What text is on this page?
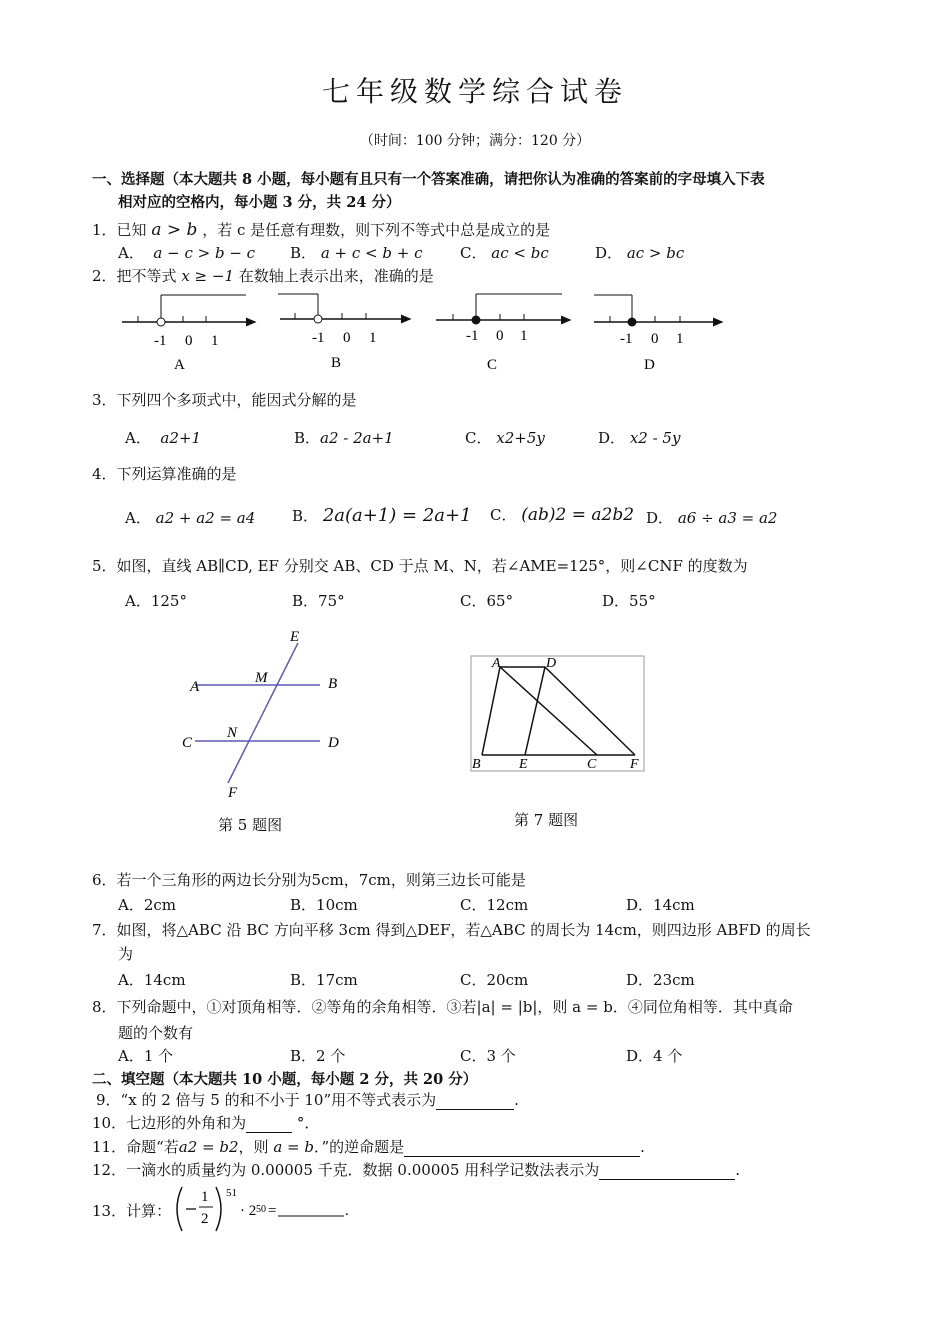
七年级数学综合试卷
（时间：100 分钟；满分：120 分）
一、选择题（本大题共 8 小题，每小题有且只有一个答案准确，请把你认为准确的答案前的字母填入下表
相对应的空格内，每小题 3 分，共 24 分）
1．已知 a > b ，若 c 是任意有理数，则下列不等式中总是成立的是
A． a − c > b − c B． a + c < b + c	C． ac < bc	D． ac > bc
2．把不等式 x ≥ −1 在数轴上表示出来，准确的是
-1 0 1
A
-1 0 1
B
-1 0 1
C
-1 0 1
D
3．下列四个多项式中，能因式分解的是
A． a2+1	B．a2 - 2a+1	C． x2+5y	D． x2 - 5y
4．下列运算准确的是
A． a2 + a2 = a4 B． 2a(a+1) = 2a+1 C． (ab)2 = a2b2 D． a6 ÷ a3 = a2
5．如图，直线 AB∥CD, EF 分别交 AB、CD 于点 M、N，若∠AME=125°，则∠CNF 的度数为
A．125°	B．75°	C．65°	D．55°
E
A
M	B
N
C	D
F
第 5 题图
A	D
B	E	C F
第 7 题图
6．若一个三角形的两边长分别为5cm，7cm，则第三边长可能是
A．2cm	B．10cm	C．12cm	D．14cm
7．如图，将△ABC 沿 BC 方向平移 3cm 得到△DEF，若△ABC 的周长为 14cm，则四边形 ABFD 的周长
为
A．14cm	B．17cm	C．20cm	D．23cm
8．下列命题中，①对顶角相等．②等角的余角相等．③若|a| = |b|，则 a = b．④同位角相等．其中真命
题的个数有
A．1 个	B．2 个	C．3 个	D．4 个
二、填空题（本大题共 10 小题，每小题 2 分，共 20 分）
9．“x 的 2 倍与 5 的和不小于 10”用不等式表示为	.
10．七边形的外角和为	°．
11．命题“若a2 = b2，则 a = b．”的逆命题是	.
12．一滴水的质量约为 0.00005 千克．数据 0.00005 用科学记数法表示为	.
13．计算：
1
2
51
· 2 50 =	.
